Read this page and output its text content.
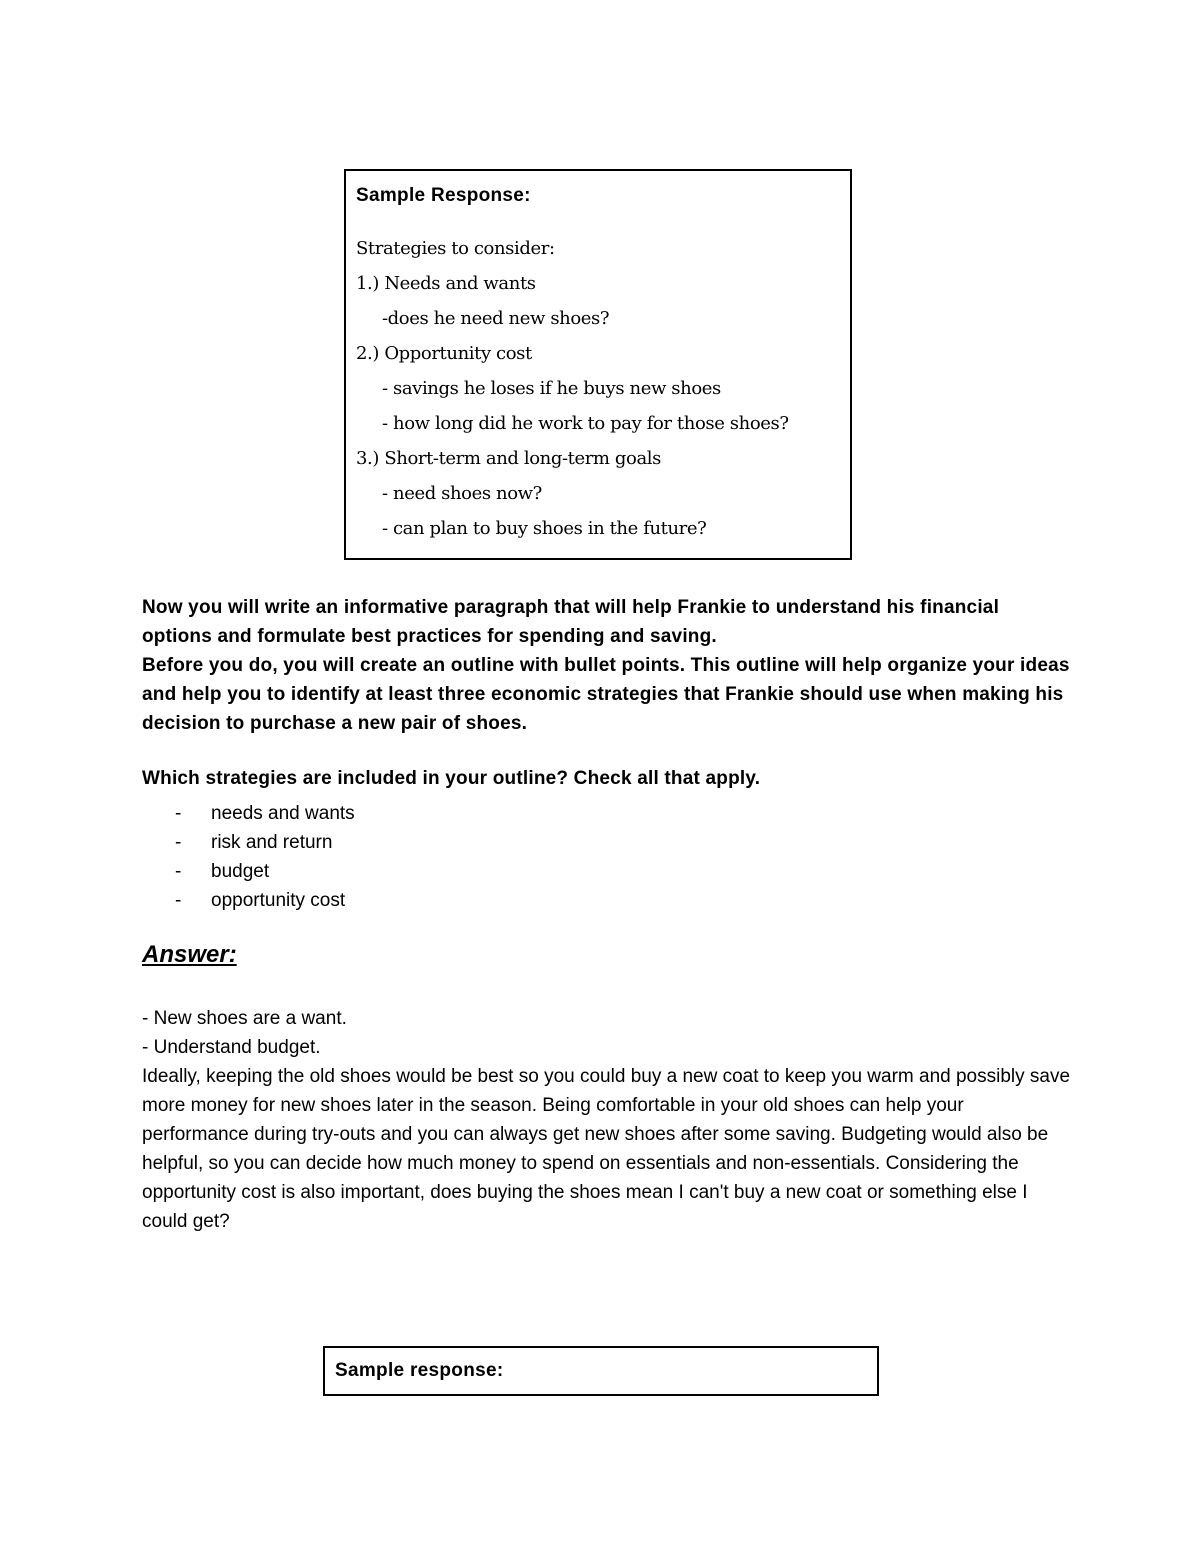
Sample Response:
Strategies to consider:
1.) Needs and wants
-does he need new shoes?
2.) Opportunity cost
- savings he loses if he buys new shoes
- how long did he work to pay for those shoes?
3.) Short-term and long-term goals
- need shoes now?
- can plan to buy shoes in the future?

Now you will write an informative paragraph that will help Frankie to understand his financial options and formulate best practices for spending and saving.

Before you do, you will create an outline with bullet points. This outline will help organize your ideas and help you to identify at least three economic strategies that Frankie should use when making his decision to purchase a new pair of shoes.

Which strategies are included in your outline? Check all that apply.
-	needs and wants
-	risk and return
-	budget
-	opportunity cost
Answer:

- New shoes are a want.

- Understand budget.

Ideally, keeping the old shoes would be best so you could buy a new coat to keep you warm and possibly save more money for new shoes later in the season. Being comfortable in your old shoes can help your performance during try-outs and you can always get new shoes after some saving. Budgeting would also be helpful, so you can decide how much money to spend on essentials and non-essentials. Considering the opportunity cost is also important, does buying the shoes mean I can't buy a new coat or something else I could get?

Sample response:
